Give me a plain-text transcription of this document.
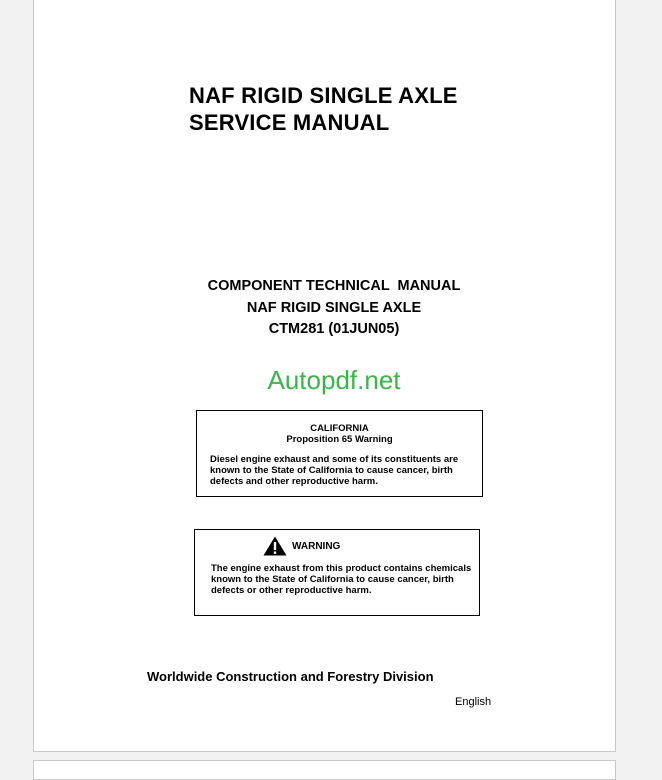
NAF RIGID SINGLE AXLE
SERVICE MANUAL
COMPONENT TECHNICAL  MANUAL
NAF RIGID SINGLE AXLE
CTM281 (01JUN05)
Autopdf.net
CALIFORNIA
Proposition 65 Warning
Diesel engine exhaust and some of its constituents are known to the State of California to cause cancer, birth defects and other reproductive harm.
WARNING
The engine exhaust from this product contains chemicals known to the State of California to cause cancer, birth defects or other reproductive harm.
Worldwide Construction and Forestry Division
English
